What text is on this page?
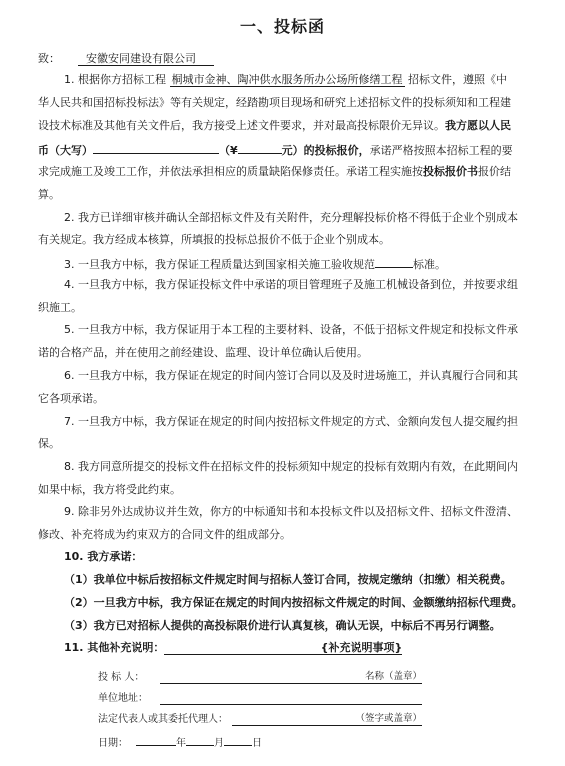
一、投标函
致： 安徽安同建设有限公司
1. 根据你方招标工程 桐城市金神、陶冲供水服务所办公场所修缮工程 招标文件，遵照《中
华人民共和国招标投标法》等有关规定，经踏勘项目现场和研究上述招标文件的投标须知和工程建
设技术标准及其他有关文件后，我方接受上述文件要求，并对最高投标限价无异议。我方愿以人民
币（大写）	（¥	元）的投标报价，承诺严格按照本招标工程的要
求完成施工及竣工工作，并依法承担相应的质量缺陷保修责任。承诺工程实施按投标报价书报价结
算。
2. 我方已详细审核并确认全部招标文件及有关附件，充分理解投标价格不得低于企业个别成本
有关规定。我方经成本核算，所填报的投标总报价不低于企业个别成本。
3. 一旦我方中标，我方保证工程质量达到国家相关施工验收规范	标准。
4. 一旦我方中标，我方保证投标文件中承诺的项目管理班子及施工机械设备到位，并按要求组
织施工。
5. 一旦我方中标，我方保证用于本工程的主要材料、设备，不低于招标文件规定和投标文件承
诺的合格产品，并在使用之前经建设、监理、设计单位确认后使用。
6. 一旦我方中标，我方保证在规定的时间内签订合同以及及时进场施工，并认真履行合同和其
它各项承诺。
7. 一旦我方中标，我方保证在规定的时间内按招标文件规定的方式、金额向发包人提交履约担
保。
8. 我方同意所提交的投标文件在招标文件的投标须知中规定的投标有效期内有效，在此期间内
如果中标，我方将受此约束。
9. 除非另外达成协议并生效，你方的中标通知书和本投标文件以及招标文件、招标文件澄清、
修改、补充将成为约束双方的合同文件的组成部分。
10. 我方承诺：
（1）我单位中标后按招标文件规定时间与招标人签订合同，按规定缴纳（扣缴）相关税费。
（2）一旦我方中标，我方保证在规定的时间内按招标文件规定的时间、金额缴纳招标代理费。
（3）我方已对招标人提供的高投标限价进行认真复核，确认无误，中标后不再另行调整。
11. 其他补充说明：	{补充说明事项}
投 标 人：	名称（盖章）
单位地址：
法定代表人或其委托代理人：	（签字或盖章）
日期：	年	月	日
